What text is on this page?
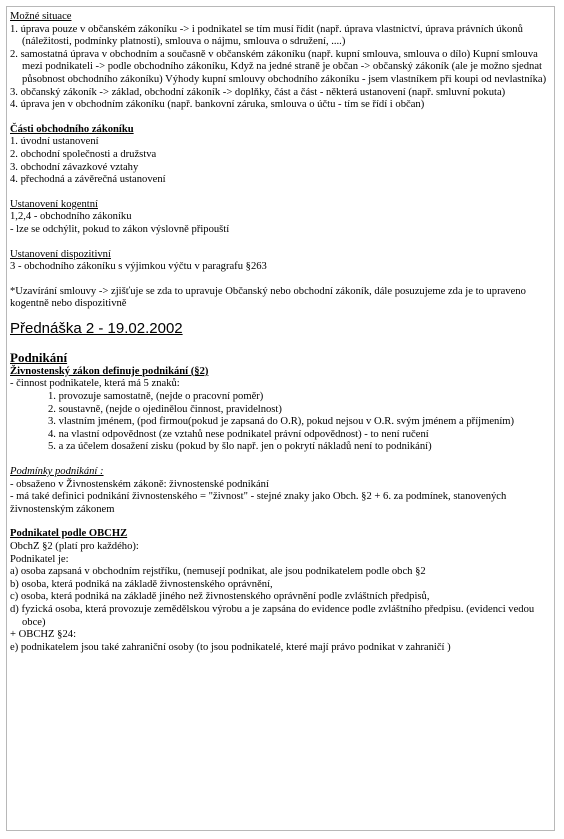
Možné situace
1. úprava pouze v občanském zákoníku -> i podnikatel se tím musí řídit (např. úprava vlastnictví, úprava právních úkonů (náležitosti, podmínky platnosti), smlouva o nájmu, smlouva o sdružení, ....)
2. samostatná úprava v obchodním a současně v občanském zákoníku (např. kupní smlouva, smlouva o dílo) Kupní smlouva mezi podnikateli -> podle obchodního zákoníku, Když na jedné straně je občan -> občanský zákoník (ale je možno sjednat působnost obchodního zákoníku) Výhody kupní smlouvy obchodního zákoníku - jsem vlastníkem při koupi od nevlastníka)
3. občanský zákoník -> základ, obchodní zákoník -> doplňky, část a část - některá ustanovení (např. smluvní pokuta)
4. úprava jen v obchodním zákoníku (např. bankovní záruka, smlouva o účtu - tím se řídí i občan)
Části obchodního zákoníku
1. úvodní ustanovení
2. obchodní společnosti a družstva
3. obchodní závazkové vztahy
4. přechodná a závěrečná ustanovení
Ustanovení kogentní
1,2,4 - obchodního zákoníku
- lze se odchýlit, pokud to zákon výslovně připouští
Ustanovení dispozitivní
3 - obchodního zákoníku s výjimkou výčtu v paragrafu §263
*Uzavírání smlouvy -> zjišťuje se zda to upravuje Občanský nebo obchodní zákoník, dále posuzujeme zda je to upraveno kogentně nebo dispozitivně
Přednáška 2 - 19.02.2002
Podnikání
Živnostenský zákon definuje podnikání (§2)
- činnost podnikatele, která má 5 znaků:
1. provozuje samostatně, (nejde o pracovní poměr)
2. soustavně, (nejde o ojedinělou činnost, pravidelnost)
3. vlastním jménem, (pod firmou(pokud je zapsaná do O.R), pokud nejsou v O.R. svým jménem a příjmením)
4. na vlastní odpovědnost (ze vztahů nese podnikatel právní odpovědnost) - to není ručení
5. a za účelem dosažení zisku (pokud by šlo např. jen o pokrytí nákladů není to podnikání)
Podmínky podnikání :
- obsaženo v Živnostenském zákoně: živnostenské podnikání
- má také definici podnikání živnostenského = "živnost" - stejné znaky jako Obch. §2 + 6. za podmínek, stanovených živnostenským zákonem
Podnikatel podle OBCHZ
ObchZ §2 (platí pro každého):
Podnikatel je:
a) osoba zapsaná v obchodním rejstříku, (nemusejí podnikat, ale jsou podnikatelem podle obch §2
b) osoba, která podniká na základě živnostenského oprávnění,
c) osoba, která podniká na základě jiného než živnostenského oprávnění podle zvláštních předpisů,
d) fyzická osoba, která provozuje zemědělskou výrobu a je zapsána do evidence podle zvláštního předpisu. (evidenci vedou obce)
+ OBCHZ §24:
e) podnikatelem jsou také zahraniční osoby (to jsou podnikatelé, které mají právo podnikat v zahraničí )
